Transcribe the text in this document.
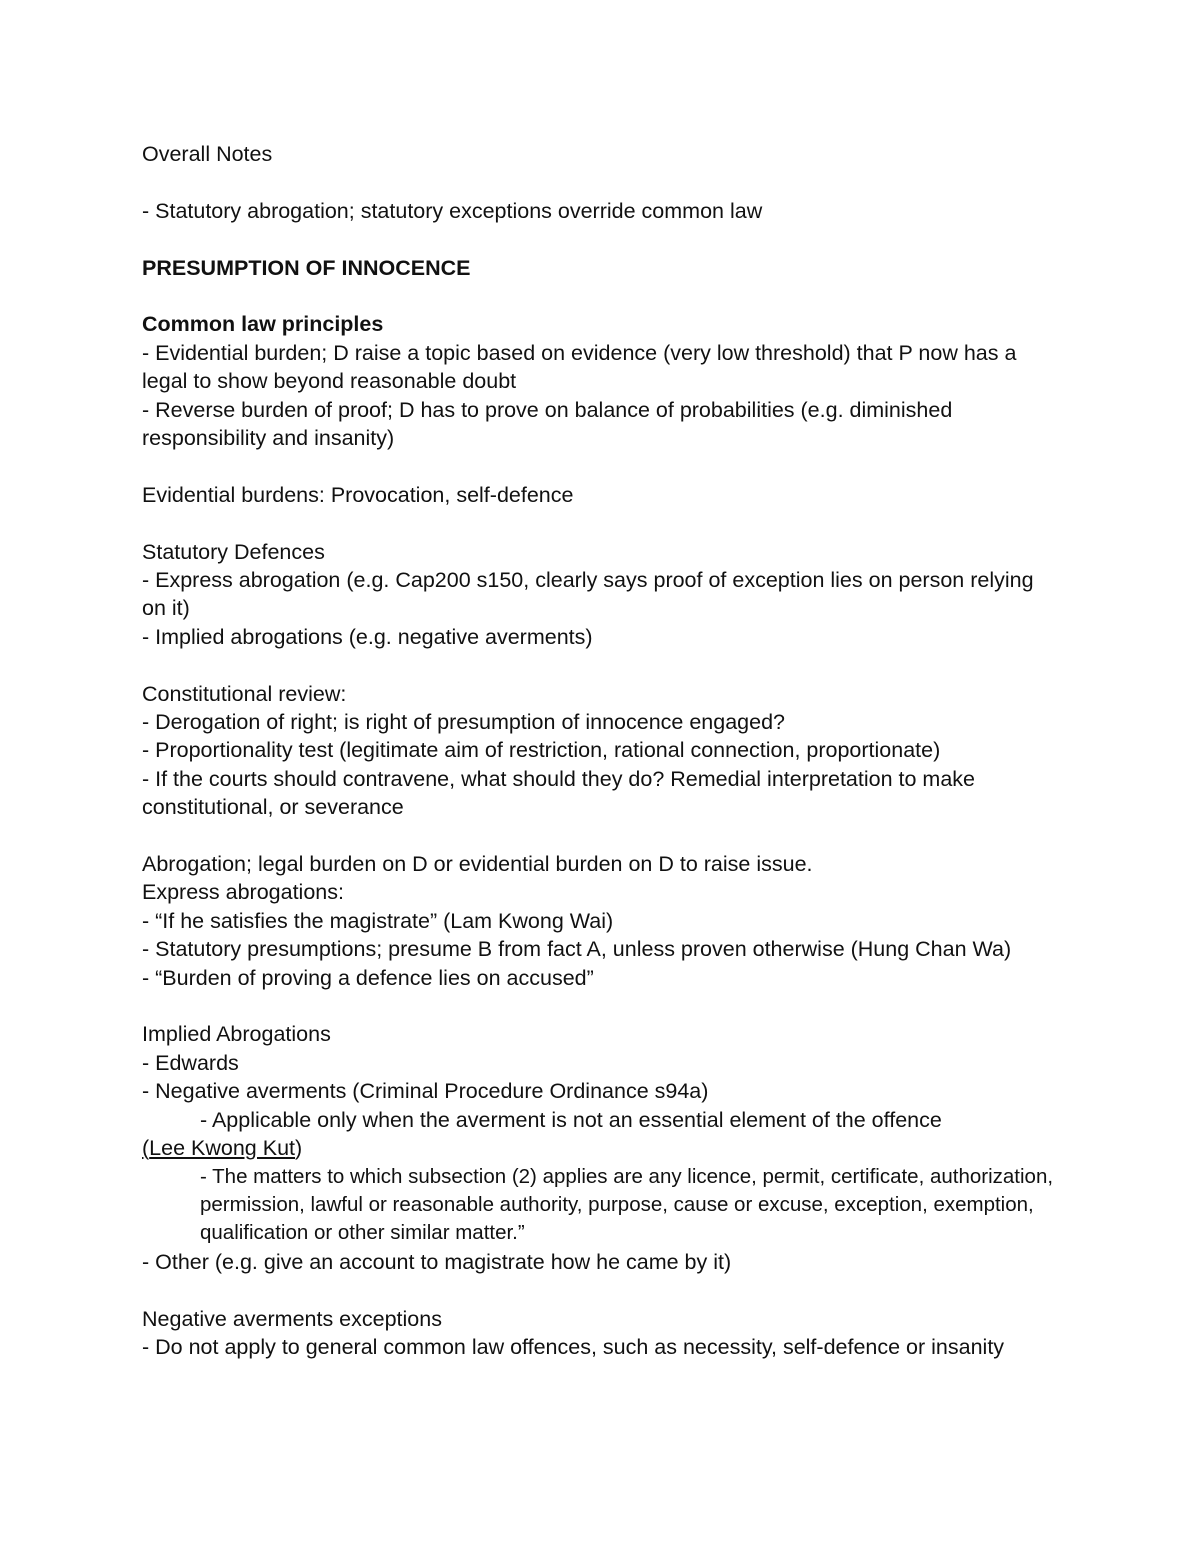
Overall Notes
- Statutory abrogation; statutory exceptions override common law
PRESUMPTION OF INNOCENCE
Common law principles
- Evidential burden; D raise a topic based on evidence (very low threshold) that P now has a legal to show beyond reasonable doubt
- Reverse burden of proof; D has to prove on balance of probabilities (e.g. diminished responsibility and insanity)
Evidential burdens: Provocation, self-defence
Statutory Defences
- Express abrogation (e.g. Cap200 s150, clearly says proof of exception lies on person relying on it)
- Implied abrogations (e.g. negative averments)
Constitutional review:
- Derogation of right; is right of presumption of innocence engaged?
- Proportionality test (legitimate aim of restriction, rational connection, proportionate)
- If the courts should contravene, what should they do? Remedial interpretation to make constitutional, or severance
Abrogation; legal burden on D or evidential burden on D to raise issue.
Express abrogations:
- “If he satisfies the magistrate” (Lam Kwong Wai)
- Statutory presumptions; presume B from fact A, unless proven otherwise (Hung Chan Wa)
- “Burden of proving a defence lies on accused”
Implied Abrogations
- Edwards
- Negative averments (Criminal Procedure Ordinance s94a)
- Applicable only when the averment is not an essential element of the offence
(Lee Kwong Kut)
- The matters to which subsection (2) applies are any licence, permit, certificate, authorization, permission, lawful or reasonable authority, purpose, cause or excuse, exception, exemption, qualification or other similar matter.”
- Other (e.g. give an account to magistrate how he came by it)
Negative averments exceptions
- Do not apply to general common law offences, such as necessity, self-defence or insanity
